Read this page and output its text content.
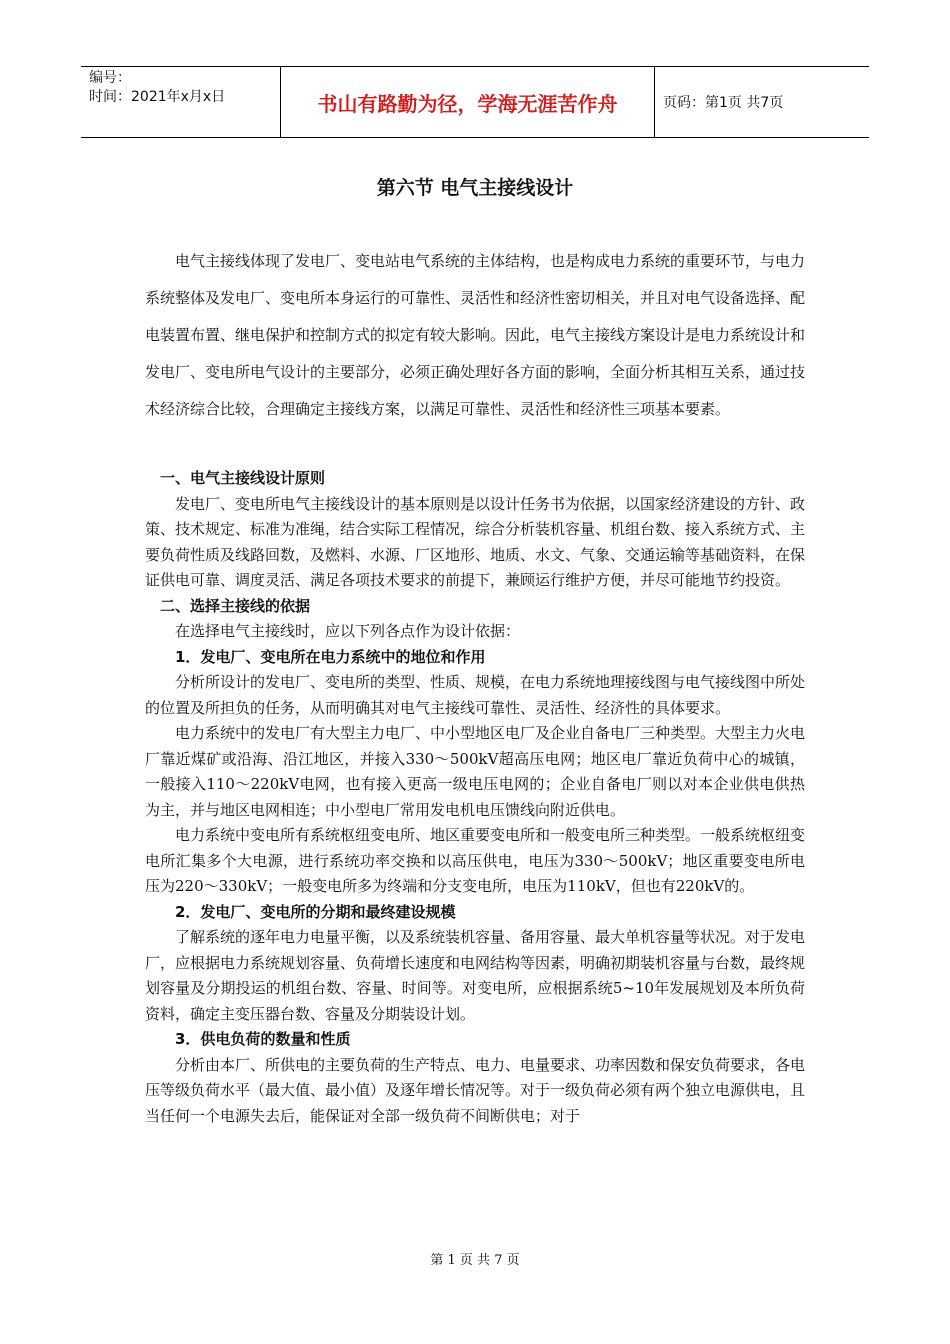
编号：
时间：2021年x月x日	书山有路勤为径，学海无涯苦作舟	页码：第1页 共7页
第六节 电气主接线设计

电气主接线体现了发电厂、变电站电气系统的主体结构，也是构成电力系统的重要环节，与电力系统整体及发电厂、变电所本身运行的可靠性、灵活性和经济性密切相关，并且对电气设备选择、配电装置布置、继电保护和控制方式的拟定有较大影响。因此，电气主接线方案设计是电力系统设计和发电厂、变电所电气设计的主要部分，必须正确处理好各方面的影响，全面分析其相互关系，通过技术经济综合比较，合理确定主接线方案，以满足可靠性、灵活性和经济性三项基本要素。

一、电气主接线设计原则

发电厂、变电所电气主接线设计的基本原则是以设计任务书为依据，以国家经济建设的方针、政策、技术规定、标准为准绳，结合实际工程情况，综合分析装机容量、机组台数、接入系统方式、主要负荷性质及线路回数，及燃料、水源、厂区地形、地质、水文、气象、交通运输等基础资料，在保证供电可靠、调度灵活、满足各项技术要求的前提下，兼顾运行维护方便，并尽可能地节约投资。

二、选择主接线的依据

在选择电气主接线时，应以下列各点作为设计依据：

1．发电厂、变电所在电力系统中的地位和作用

分析所设计的发电厂、变电所的类型、性质、规模，在电力系统地理接线图与电气接线图中所处的位置及所担负的任务，从而明确其对电气主接线可靠性、灵活性、经济性的具体要求。

电力系统中的发电厂有大型主力电厂、中小型地区电厂及企业自备电厂三种类型。大型主力火电厂靠近煤矿或沿海、沿江地区，并接入330～500kV超高压电网；地区电厂靠近负荷中心的城镇，一般接入110～220kV电网，也有接入更高一级电压电网的；企业自备电厂则以对本企业供电供热为主，并与地区电网相连；中小型电厂常用发电机电压馈线向附近供电。

电力系统中变电所有系统枢纽变电所、地区重要变电所和一般变电所三种类型。一般系统枢纽变电所汇集多个大电源，进行系统功率交换和以高压供电，电压为330～500kV；地区重要变电所电压为220～330kV；一般变电所多为终端和分支变电所，电压为110kV，但也有220kV的。

2．发电厂、变电所的分期和最终建设规模

了解系统的逐年电力电量平衡，以及系统装机容量、备用容量、最大单机容量等状况。对于发电厂，应根据电力系统规划容量、负荷增长速度和电网结构等因素，明确初期装机容量与台数，最终规划容量及分期投运的机组台数、容量、时间等。对变电所，应根据系统5~10年发展规划及本所负荷资料，确定主变压器台数、容量及分期装设计划。

3．供电负荷的数量和性质

分析由本厂、所供电的主要负荷的生产特点、电力、电量要求、功率因数和保安负荷要求，各电压等级负荷水平（最大值、最小值）及逐年增长情况等。对于一级负荷必须有两个独立电源供电，且当任何一个电源失去后，能保证对全部一级负荷不间断供电；对于

第 1 页 共 7 页
